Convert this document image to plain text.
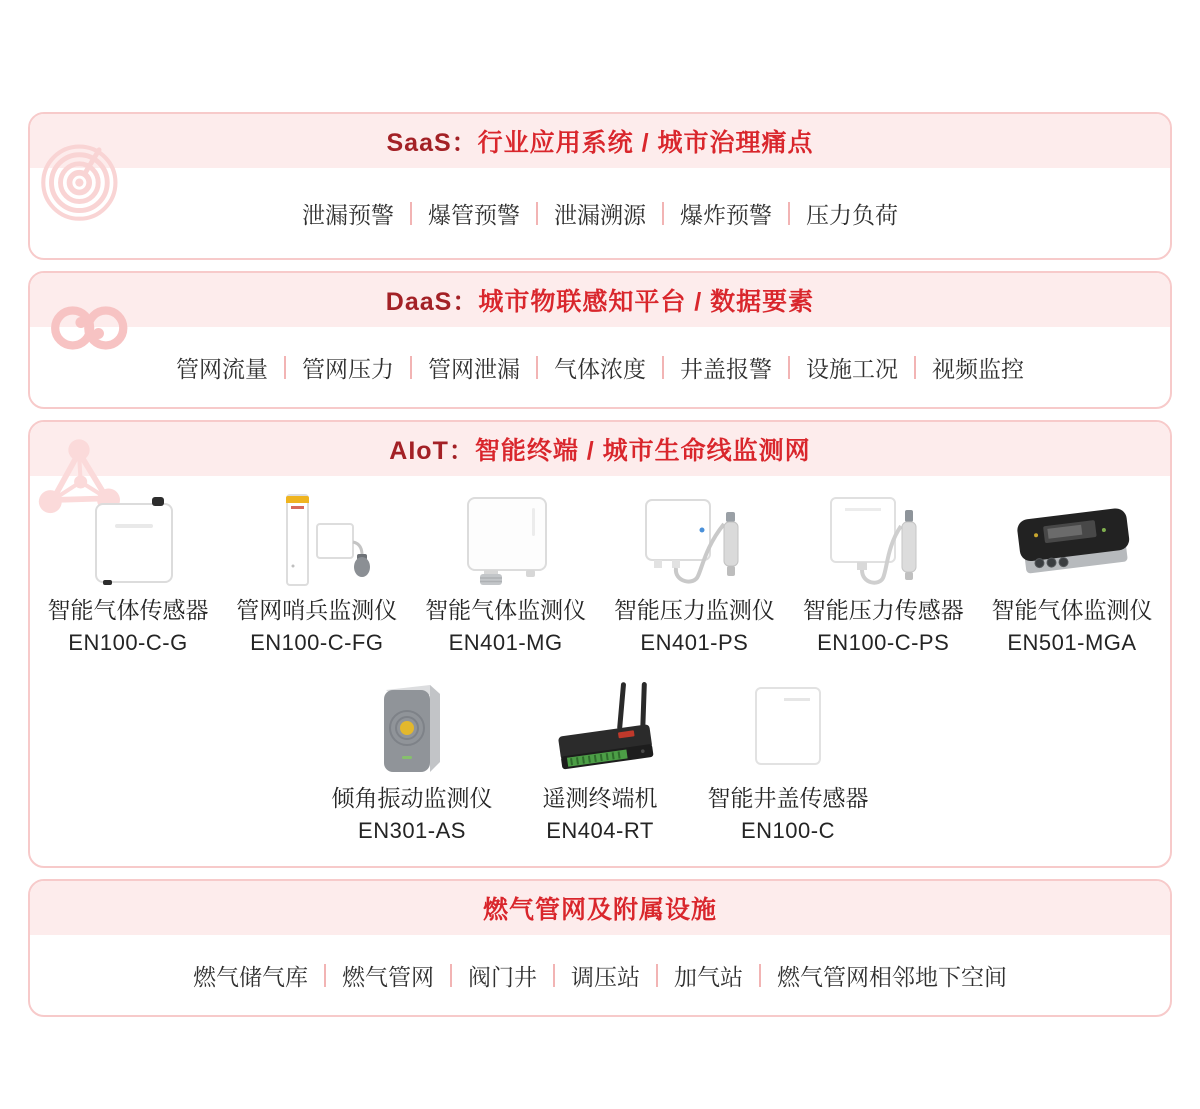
SaaS：行业应用系统 / 城市治理痛点
泄漏预警 爆管预警 泄漏溯源 爆炸预警 压力负荷
DaaS：城市物联感知平台 / 数据要素
管网流量 管网压力 管网泄漏 气体浓度 井盖报警 设施工况 视频监控
AIoT：智能终端 / 城市生命线监测网
智能气体传感器
EN100-C-G
管网哨兵监测仪
EN100-C-FG
智能气体监测仪
EN401-MG
智能压力监测仪
EN401-PS
智能压力传感器
EN100-C-PS
智能气体监测仪
EN501-MGA
倾角振动监测仪
EN301-AS
遥测终端机
EN404-RT
智能井盖传感器
EN100-C
燃气管网及附属设施
燃气储气库 燃气管网 阀门井 调压站 加气站 燃气管网相邻地下空间
